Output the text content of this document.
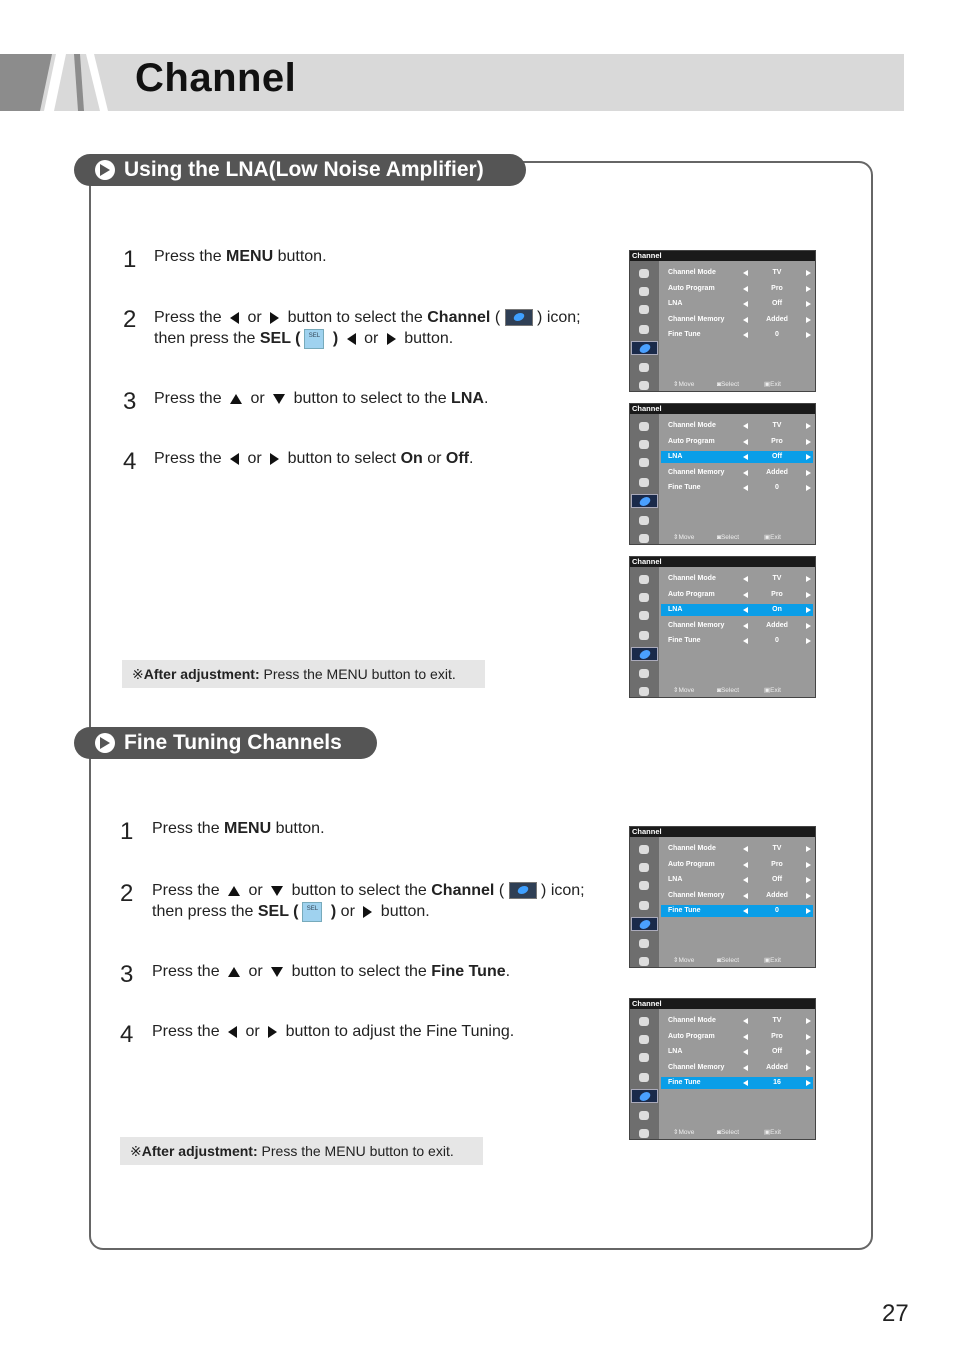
Channel
Using the LNA(Low Noise Amplifier)
1 Press the MENU button.
2 Press the  or  button to select the Channel (  ) icon;
then press the SEL ( SEL )  or  button.
3 Press the  or  button to select to the LNA.
4 Press the  or  button to select On or Off.
※After adjustment: Press the MENU button to exit.
Fine Tuning Channels
1 Press the MENU button.
2 Press the  or  button to select the Channel (  ) icon;
then press the SEL ( SEL ) or  button.
3 Press the  or  button to select the Fine Tune.
4 Press the  or  button to adjust the Fine Tuning.
※After adjustment: Press the MENU button to exit.
Channel
Channel Mode	TV
Auto Program	Pro
LNA	Off
Channel Memory	Added
Fine Tune	0
⇕ Move	◙ Select	▣ Exit
Channel
Channel Mode	TV
Auto Program	Pro
LNA	Off
Channel Memory	Added
Fine Tune	0
⇕ Move	◙ Select	▣ Exit
Channel
Channel Mode	TV
Auto Program	Pro
LNA	On
Channel Memory	Added
Fine Tune	0
⇕ Move	◙ Select	▣ Exit
Channel
Channel Mode	TV
Auto Program	Pro
LNA	Off
Channel Memory	Added
Fine Tune	0
⇕ Move	◙ Select	▣ Exit
Channel
Channel Mode	TV
Auto Program	Pro
LNA	Off
Channel Memory	Added
Fine Tune	16
⇕ Move	◙ Select	▣ Exit
27
